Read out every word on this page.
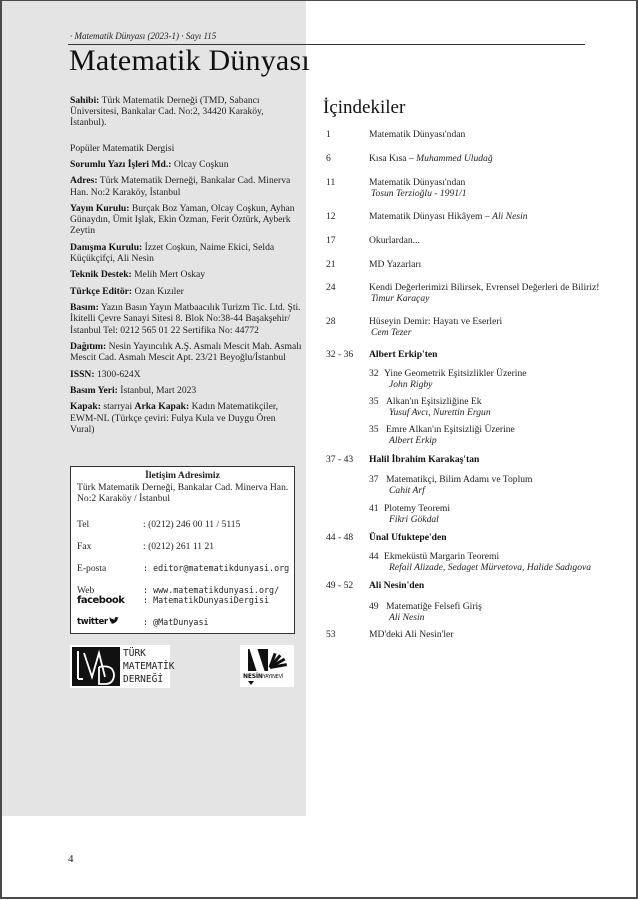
· Matematik Dünyası (2023-1) · Sayı 115
Matematik Dünyası

Sahibi: Türk Matematik Derneği (TMD, Sabancı Üniversitesi, Bankalar Cad. No:2, 34420 Karaköy, İstanbul).

Popüler Matematik Dergisi

Sorumlu Yazı İşleri Md.: Olcay Coşkun

Adres: Türk Matematik Derneği, Bankalar Cad. Minerva Han. No:2 Karaköy, İstanbul

Yayın Kurulu: Burçak Boz Yaman, Olcay Coşkun, Ayhan Günaydın, Ümit Işlak, Ekin Özman, Ferit Öztürk, Ayberk Zeytin

Danışma Kurulu: İzzet Coşkun, Naime Ekici, Selda Küçükçifçi, Ali Nesin

Teknik Destek: Melih Mert Oskay

Türkçe Editör: Ozan Kızıler

Basım: Yazın Basın Yayın Matbaacılık Turizm Tic. Ltd. Şti. İkitelli Çevre Sanayi Sitesi 8. Blok No:38-44 Başakşehir/İstanbul Tel: 0212 565 01 22 Sertifika No: 44772

Dağıtım: Nesin Yayıncılık A.Ş. Asmalı Mescit Mah. Asmalı Mescit Cad. Asmalı Mescit Apt. 23/21 Beyoğlu/İstanbul

ISSN: 1300-624X

Basım Yeri: İstanbul, Mart 2023

Kapak: starryai Arka Kapak: Kadın Matematikçiler, EWM-NL (Türkçe çeviri: Fulya Kula ve Duygu Ören Vural)

İletişim Adresimiz
Türk Matematik Derneği, Bankalar Cad. Minerva Han. No:2 Karaköy / İstanbul
Tel	: (0212) 246 00 11 / 5115
Fax	: (0212) 261 11 21
E-posta	: editor@matematikdunyasi.org
Web	: www.matematikdunyasi.org/
facebook : MatematikDunyasiDergisi
twitter	: @MatDunyasi
TÜRK
MATEMATİK
DERNEĞİ	NESİNYAYINEVİ
İçindekiler
1	Matematik Dünyası'ndan
6	Kısa Kısa – Muhammed Uludağ
11	Matematik Dünyası'ndan
Tosun Terzioğlu - 1991/1
12	Matematik Dünyası Hikâyem – Ali Nesin
17	Okurlardan...
21	MD Yazarları
24	Kendi Değerlerimizi Bilirsek, Evrensel Değerleri de Biliriz!
Timur Karaçay
28	Hüseyin Demir: Hayatı ve Eserleri
Cem Tezer
32 - 36 Albert Erkip'ten
32 Yine Geometrik Eşitsizlikler Üzerine
John Rigby
35 Alkan'ın Eşitsizliğine Ek
Yusuf Avcı, Nurettin Ergun
35 Emre Alkan'ın Eşitsizliği Üzerine
Albert Erkip
37 - 43 Halil İbrahim Karakaş'tan
37 Matematikçi, Bilim Adamı ve Toplum
Cahit Arf
41 Plotemy Teoremi
Fikri Gökdal
44 - 48 Ünal Ufuktepe'den
44 Ekmeküstü Margarin Teoremi
Refail Alizade, Sedaget Mürvetova, Halide Sadıgova
49 - 52 Ali Nesin'den
49 Matematiğe Felsefi Giriş
Ali Nesin
53	MD'deki Ali Nesin'ler
4
